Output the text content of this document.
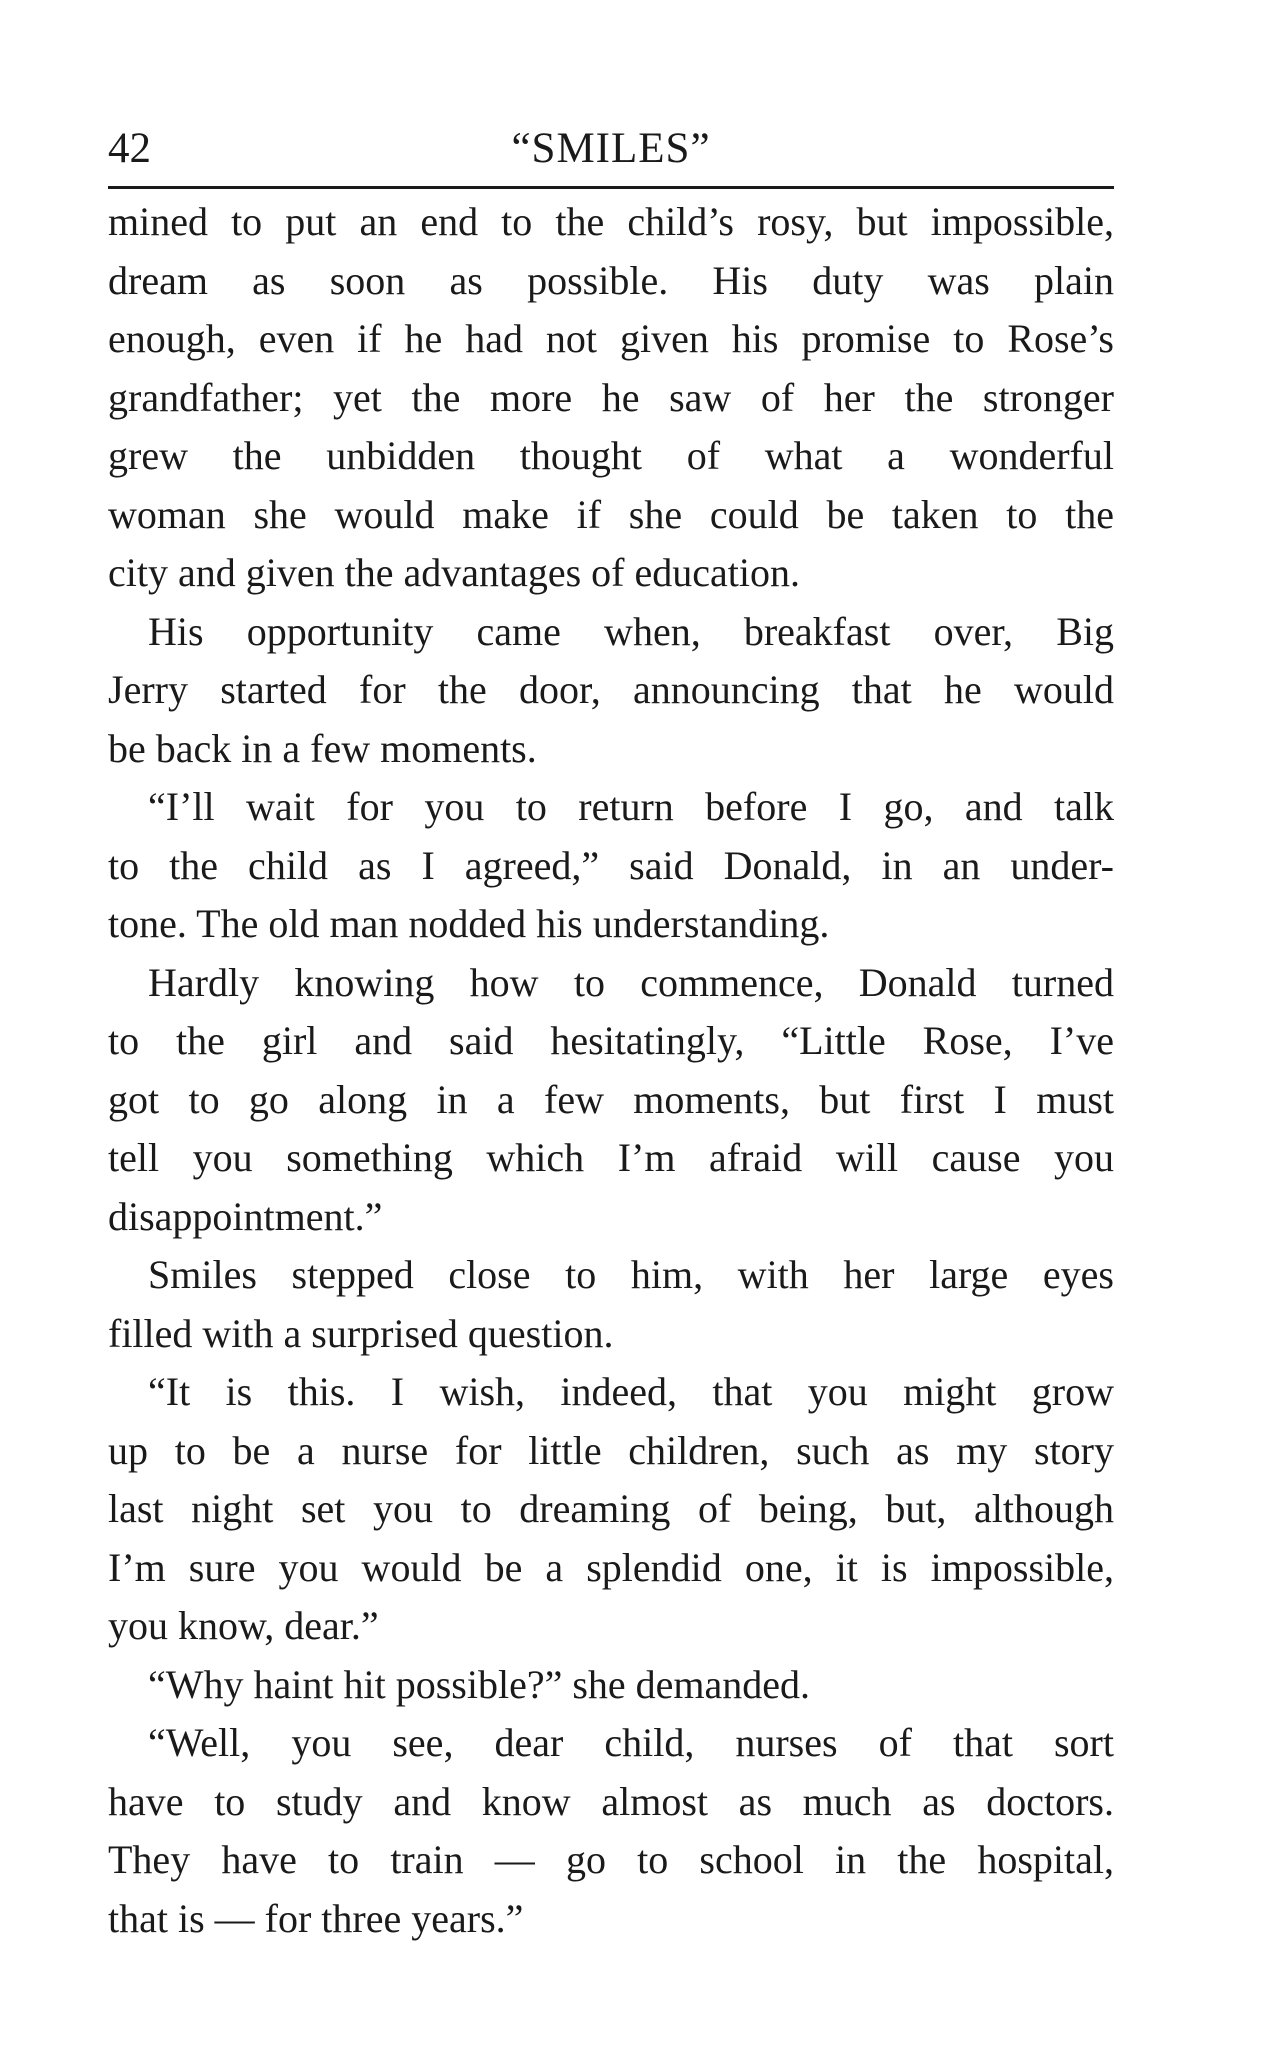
42	“SMILES”

mined to put an end to the child’s rosy, but impossible,
dream as soon as possible. His duty was plain
enough, even if he had not given his promise to Rose’s
grandfather; yet the more he saw of her the stronger
grew the unbidden thought of what a wonderful
woman she would make if she could be taken to the
city and given the advantages of education.

His opportunity came when, breakfast over, Big
Jerry started for the door, announcing that he would
be back in a few moments.

“I’ll wait for you to return before I go, and talk
to the child as I agreed,” said Donald, in an under-
tone. The old man nodded his understanding.

Hardly knowing how to commence, Donald turned
to the girl and said hesitatingly, “Little Rose, I’ve
got to go along in a few moments, but first I must
tell you something which I’m afraid will cause you
disappointment.”

Smiles stepped close to him, with her large eyes
filled with a surprised question.

“It is this. I wish, indeed, that you might grow
up to be a nurse for little children, such as my story
last night set you to dreaming of being, but, although
I’m sure you would be a splendid one, it is impossible,
you know, dear.”

“Why haint hit possible?” she demanded.

“Well, you see, dear child, nurses of that sort
have to study and know almost as much as doctors.
They have to train — go to school in the hospital,
that is — for three years.”
